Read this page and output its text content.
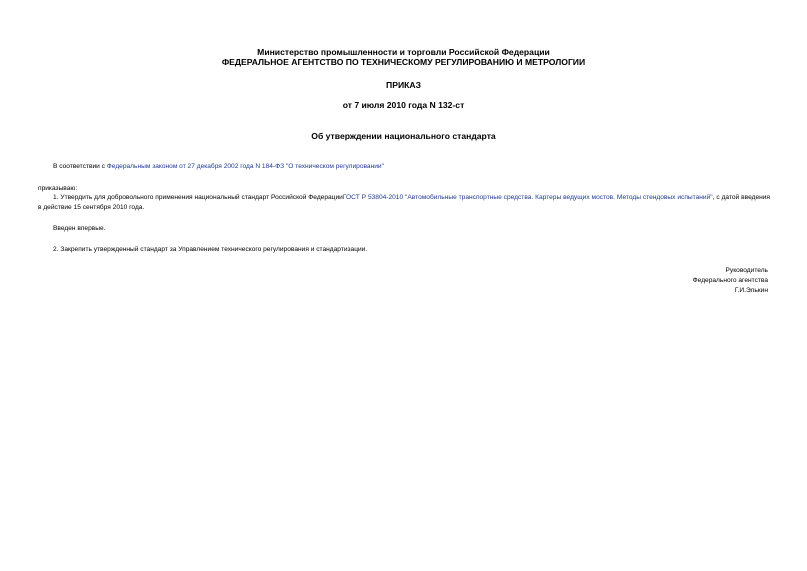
Министерство промышленности и торговли Российской Федерации
ФЕДЕРАЛЬНОЕ АГЕНТСТВО ПО ТЕХНИЧЕСКОМУ РЕГУЛИРОВАНИЮ И МЕТРОЛОГИИ
ПРИКАЗ
от 7 июля 2010 года N 132-ст
Об утверждении национального стандарта
В соответствии с Федеральным законом от 27 декабря 2002 года N 184-ФЗ "О техническом регулировании"
приказываю:
1. Утвердить для добровольного применения национальный стандарт Российской ФедерацииГОСТ Р 53804-2010 "Автомобильные транспортные средства. Картеры ведущих мостов. Методы стендовых испытаний", с датой введения в действие 15 сентября 2010 года.
Введен впервые.
2. Закрепить утвержденный стандарт за Управлением технического регулирования и стандартизации.
Руководитель
Федерального агентства
Г.И.Элькин
